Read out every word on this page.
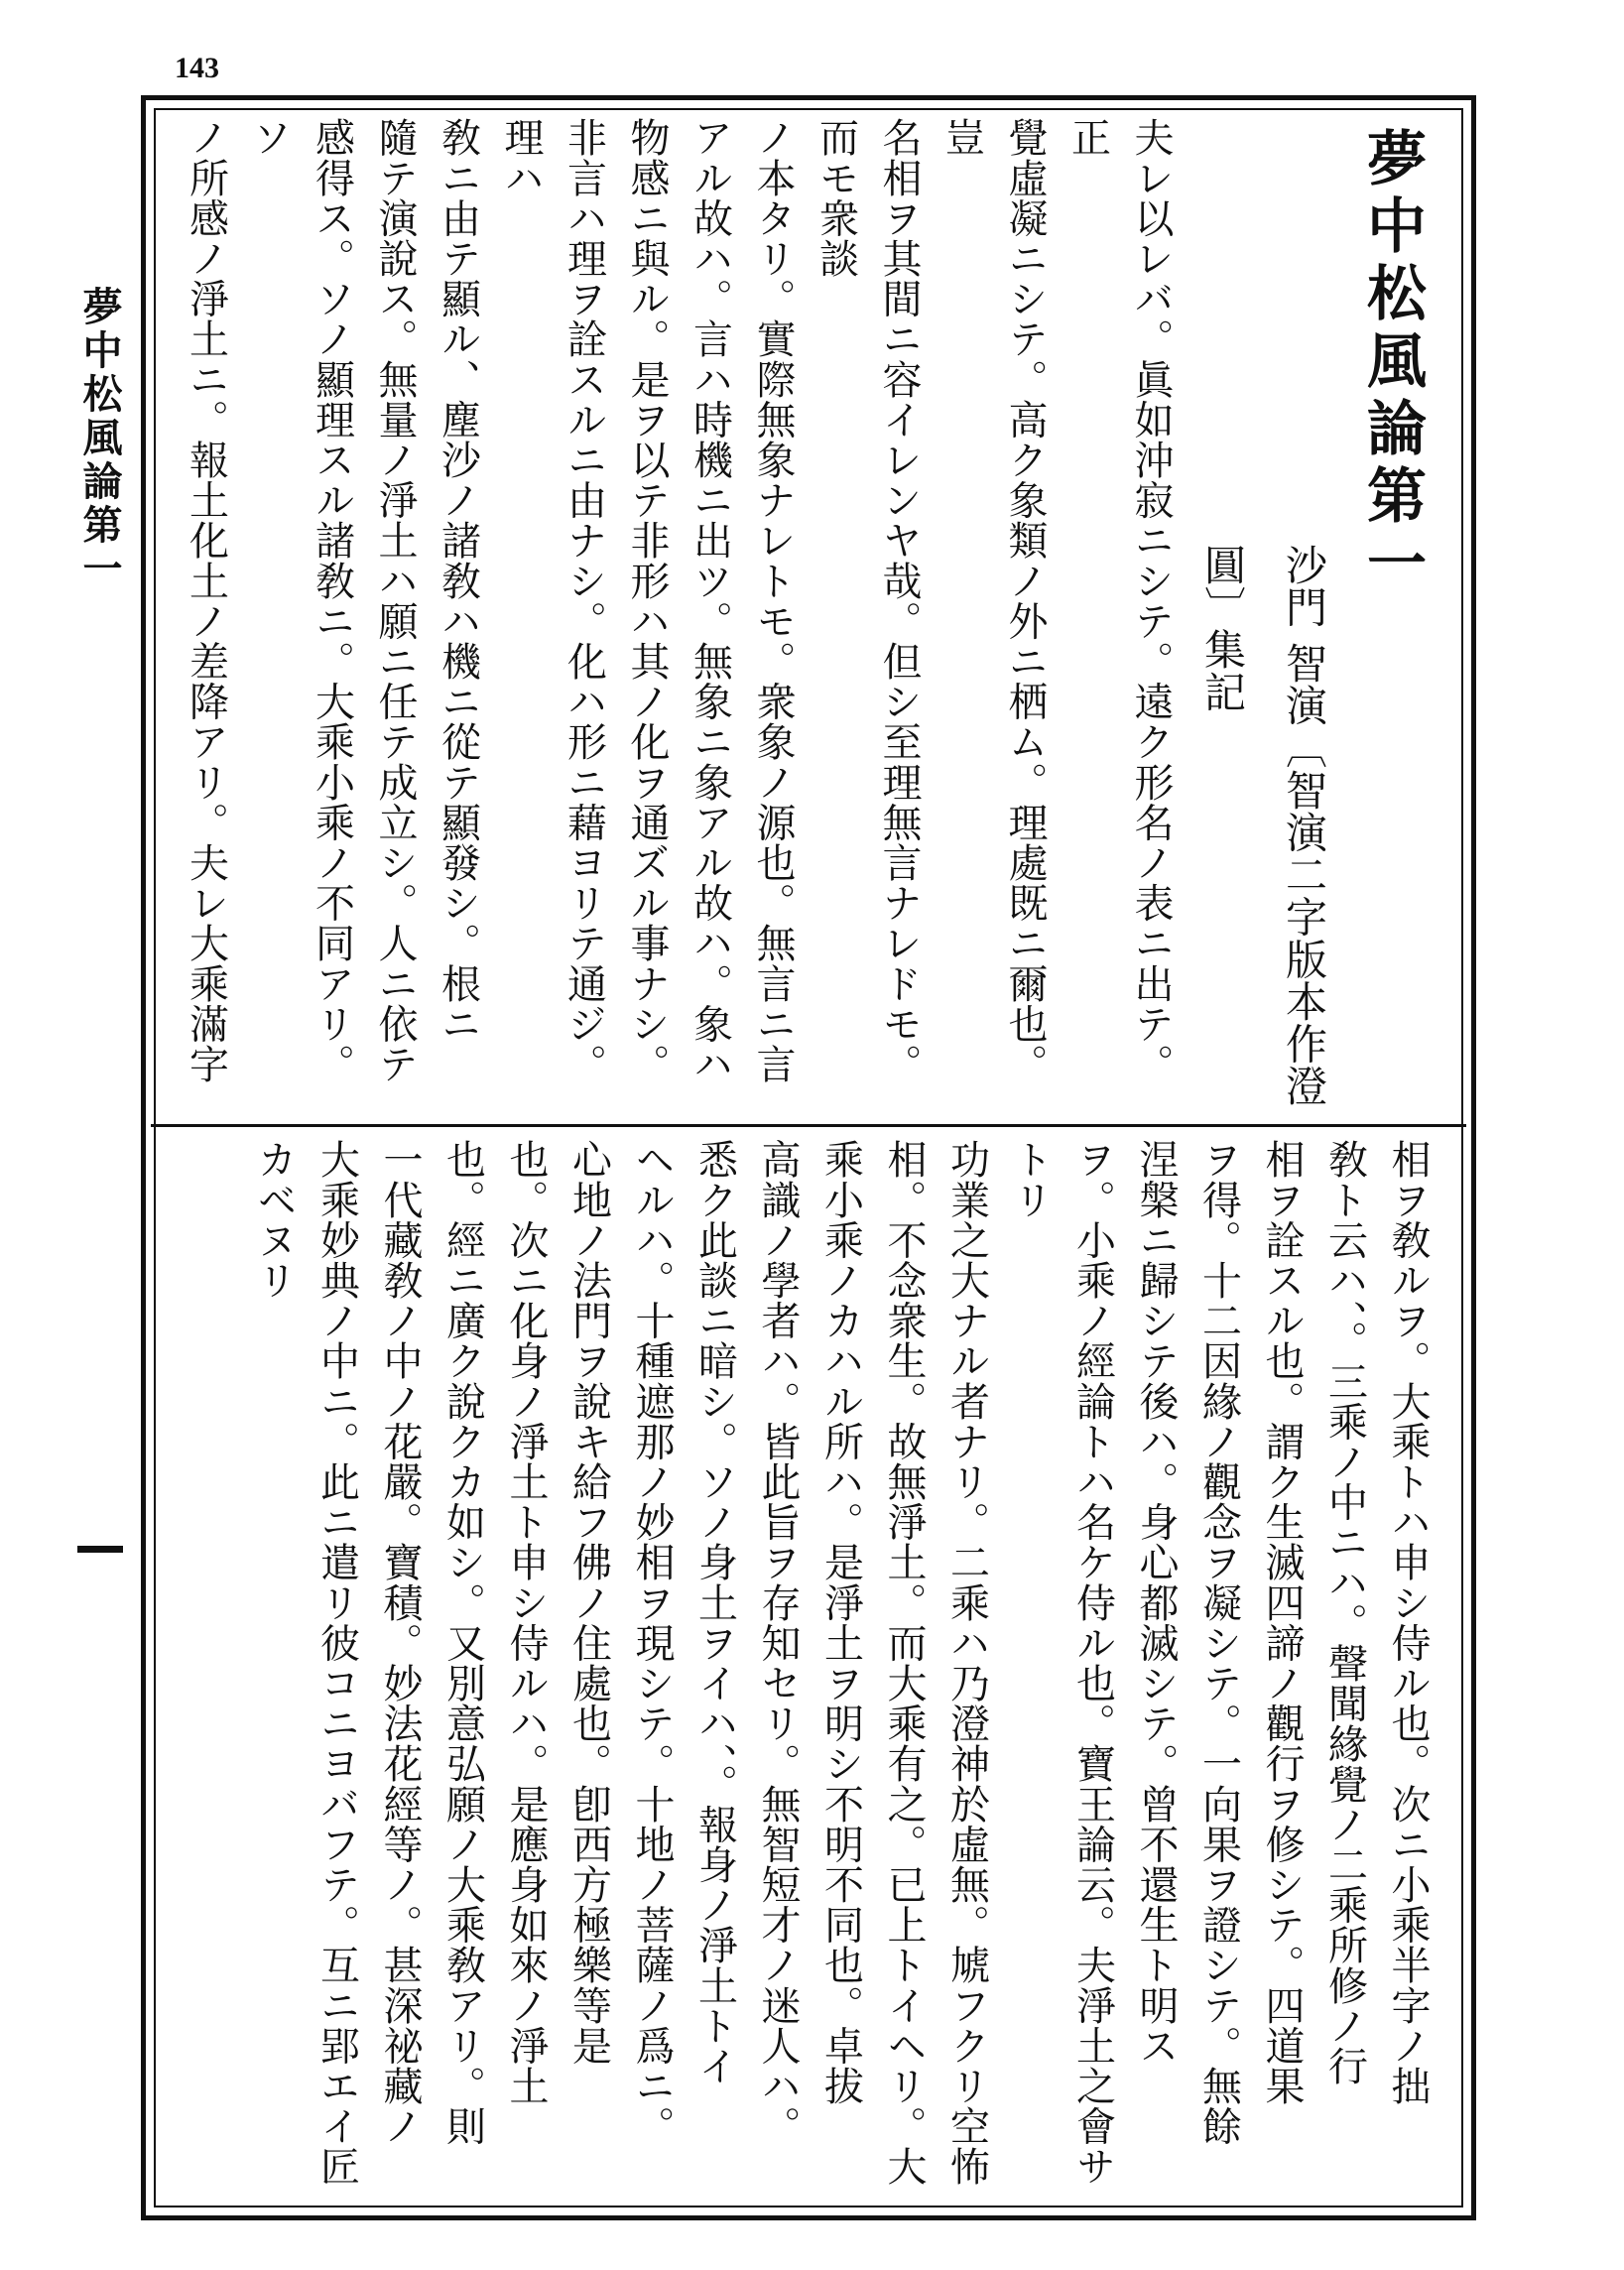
143
夢中松風論第一	夢中松風論第一
沙門 智演〔智演二字版本作澄圓〕集記
夫レ以レバ。眞如沖寂ニシテ。遠ク形名ノ表ニ出テ。正
覺虛凝ニシテ。高ク象類ノ外ニ栖ム。理處既ニ爾也。豈
名相ヲ其間ニ容イレンヤ哉。但シ至理無言ナレドモ。而モ衆談
ノ本タリ。實際無象ナレトモ。衆象ノ源也。無言ニ言
アル故ハ。言ハ時機ニ出ツ。無象ニ象アル故ハ。象ハ
物感ニ與ル。是ヲ以テ非形ハ其ノ化ヲ通ズル事ナシ。
非言ハ理ヲ詮スルニ由ナシ。化ハ形ニ藉ヨリテ通ジ。理ハ
敎ニ由テ顯ル、塵沙ノ諸敎ハ機ニ從テ顯發シ。根ニ
隨テ演說ス。無量ノ淨土ハ願ニ任テ成立シ。人ニ依テ
感得ス。ソノ顯理スル諸敎ニ。大乘小乘ノ不同アリ。ソ
ノ所感ノ淨土ニ。報土化土ノ差降アリ。夫レ大乘滿字
相ヲ敎ルヲ。大乘トハ申シ侍ル也。次ニ小乘半字ノ拙
敎ト云ハ、。三乘ノ中ニハ。聲聞緣覺ノ二乘所修ノ行
相ヲ詮スル也。謂ク生滅四諦ノ觀行ヲ修シテ。四道果
ヲ得。十二因緣ノ觀念ヲ凝シテ。一向果ヲ證シテ。無餘
涅槃ニ歸シテ後ハ。身心都滅シテ。曾不還生ト明ス
ヲ。小乘ノ經論トハ名ケ侍ル也。寶王論云。夫淨土之會サトリ
功業之大ナル者ナリ。二乘ハ乃澄神於虛無。虓フクリ空怖
相。不念衆生。故無淨土。而大乘有之。已上トイヘリ。大
乘小乘ノカハル所ハ。是淨土ヲ明シ不明不同也。卓拔
高識ノ學者ハ。皆此旨ヲ存知セリ。無智短才ノ迷人ハ。
悉ク此談ニ暗シ。ソノ身土ヲイハ、。報身ノ淨土トイ
ヘルハ。十種遮那ノ妙相ヲ現シテ。十地ノ菩薩ノ爲ニ。
心地ノ法門ヲ說キ給フ佛ノ住處也。卽西方極樂等是
也。次ニ化身ノ淨土ト申シ侍ルハ。是應身如來ノ淨土
也。經ニ廣ク說クカ如シ。又別意弘願ノ大乘敎アリ。則
一代藏敎ノ中ノ花嚴。寶積。妙法花經等ノ。甚深祕藏ノ
大乘妙典ノ中ニ。此ニ遣リ彼コニヨバフテ。互ニ郢エイ匠カベヌリ
